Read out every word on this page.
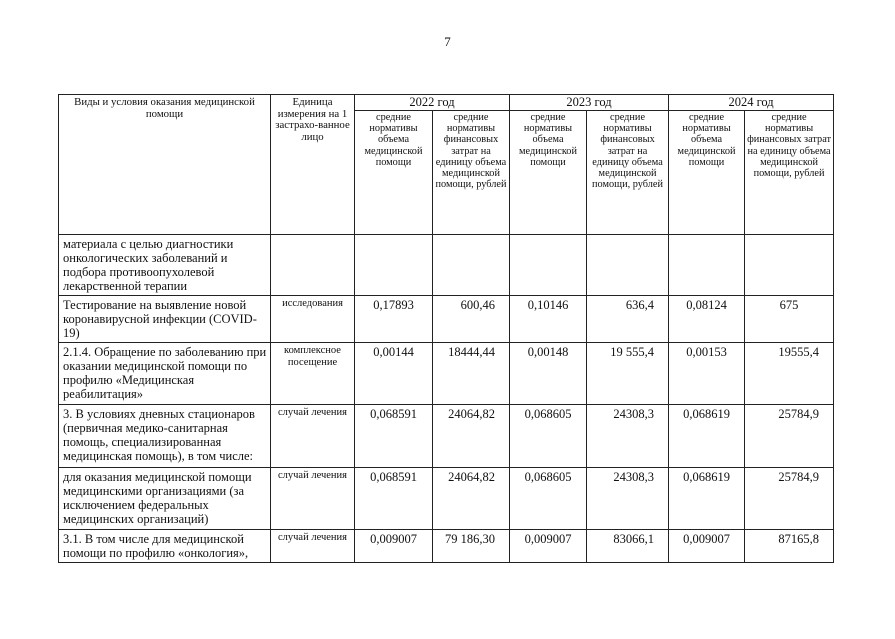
7
Виды и условия оказания медицинской помощи	Единица измерения на 1 застрахо-ванное лицо	2022 год		2023 год		2024 год	
		средние нормативы объема медицинской помощи	средние нормативы финансовых затрат на единицу объема медицинской помощи, рублей	средние нормативы объема медицинской помощи	средние нормативы финансовых затрат на единицу объема медицинской помощи, рублей	средние нормативы объема медицинской помощи	средние нормативы финансовых затрат на единицу объема медицинской помощи, рублей
материала с целью диагностики онкологических заболеваний и подбора противоопухолевой лекарственной терапии							
Тестирование на выявление новой коронавирусной инфекции (COVID-19)	исследования	0,17893	600,46	0,10146	636,4	0,08124	675
2.1.4. Обращение по заболеванию при оказании медицинской помощи по профилю «Медицинская реабилитация»	комплексное посещение	0,00144	18444,44	0,00148	19 555,4	0,00153	19555,4
3. В условиях дневных стационаров (первичная медико-санитарная помощь, специализированная медицинская помощь), в том числе:	случай лечения	0,068591	24064,82	0,068605	24308,3	0,068619	25784,9
для оказания медицинской помощи медицинскими организациями (за исключением федеральных медицинских организаций)	случай лечения	0,068591	24064,82	0,068605	24308,3	0,068619	25784,9
3.1. В том числе для медицинской помощи по профилю «онкология»,	случай лечения	0,009007	79 186,30	0,009007	83066,1	0,009007	87165,8
